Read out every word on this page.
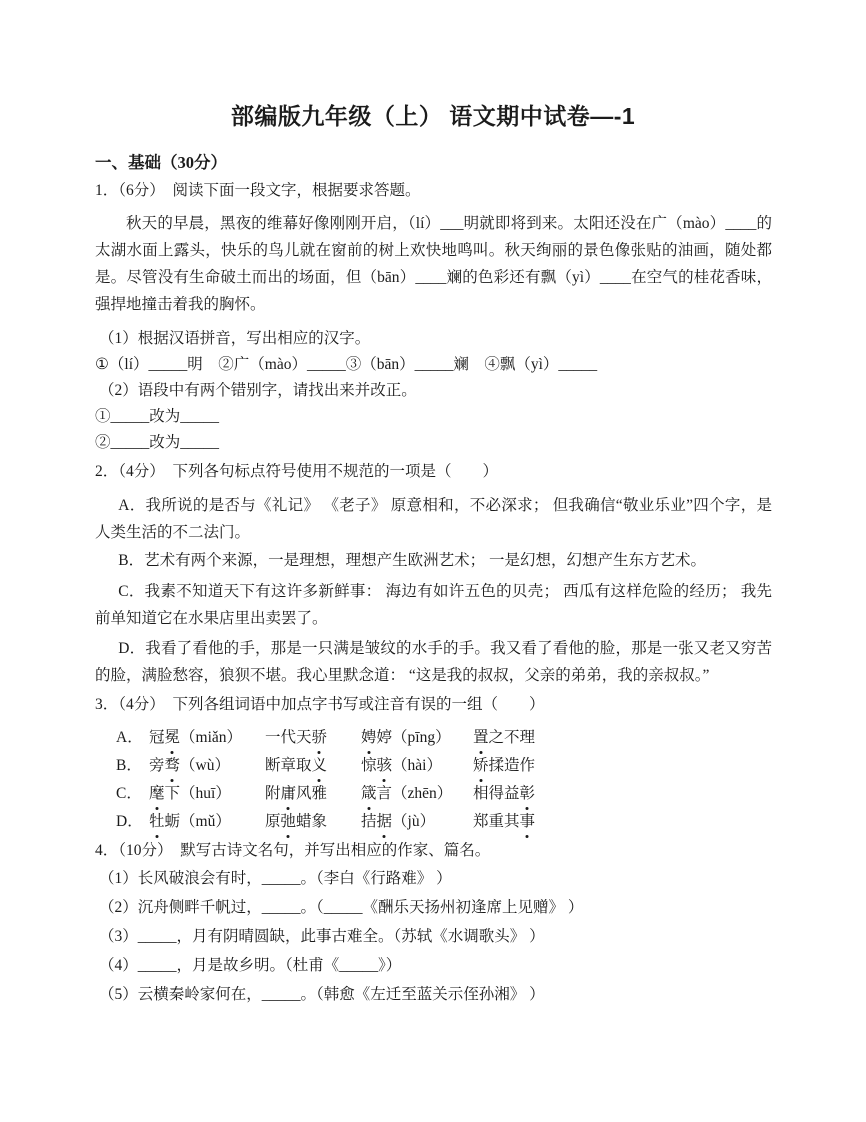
部编版九年级（上） 语文期中试卷—-1
一、基础（30分）

1．（6分）　阅读下面一段文字，根据要求答题。

秋天的早晨，黑夜的维幕好像刚刚开启，（lí）___明就即将到来。太阳还没在广（mào）____的太湖水面上露头，快乐的鸟儿就在窗前的树上欢快地鸣叫。秋天绚丽的景色像张贴的油画，随处都是。尽管没有生命破土而出的场面，但（bān）____斓的色彩还有飘（yì）____在空气的桂花香味，强捍地撞击着我的胸怀。

（1）根据汉语拼音，写出相应的汉字。

①（lí）_____明　②广（mào）_____③（bān）_____斓　④飘（yì）_____

（2）语段中有两个错别字，请找出来并改正。

①_____改为_____

②_____改为_____

2．（4分）　下列各句标点符号使用不规范的一项是（　　）

A．我所说的是否与《礼记》 《老子》 原意相和，不必深求； 但我确信“敬业乐业”四个字，是人类生活的不二法门。

B．艺术有两个来源，一是理想，理想产生欧洲艺术； 一是幻想，幻想产生东方艺术。

C．我素不知道天下有这许多新鲜事： 海边有如许五色的贝壳； 西瓜有这样危险的经历； 我先前单知道它在水果店里出卖罢了。

D．我看了看他的手，那是一只满是皱纹的水手的手。我又看了看他的脸，那是一张又老又穷苦的脸，满脸愁容，狼狈不堪。我心里默念道： “这是我的叔叔，父亲的弟弟，我的亲叔叔。”

3．（4分）　下列各组词语中加点字书写或注音有误的一组（　　）

A． 冠冕（miǎn）	一代天骄	娉婷（pīng）	置之不理
B． 旁骛（wù）	断章取义	惊骇（hài）	矫揉造作
C． 麾下（huī）	附庸风雅	箴言（zhēn）	相得益彰
D． 牡蛎（mǔ）	原弛蜡象	拮据（jù）	郑重其事

4．（10分）　默写古诗文名句，并写出相应的作家、篇名。

（1）长风破浪会有时，_____。（李白《行路难》 ）

（2）沉舟侧畔千帆过，_____。（_____《酬乐天扬州初逢席上见赠》 ）

（3）_____，月有阴晴圆缺，此事古难全。（苏轼《水调歌头》 ）

（4）_____，月是故乡明。（杜甫《_____》）

（5）云横秦岭家何在，_____。（韩愈《左迁至蓝关示侄孙湘》 ）
